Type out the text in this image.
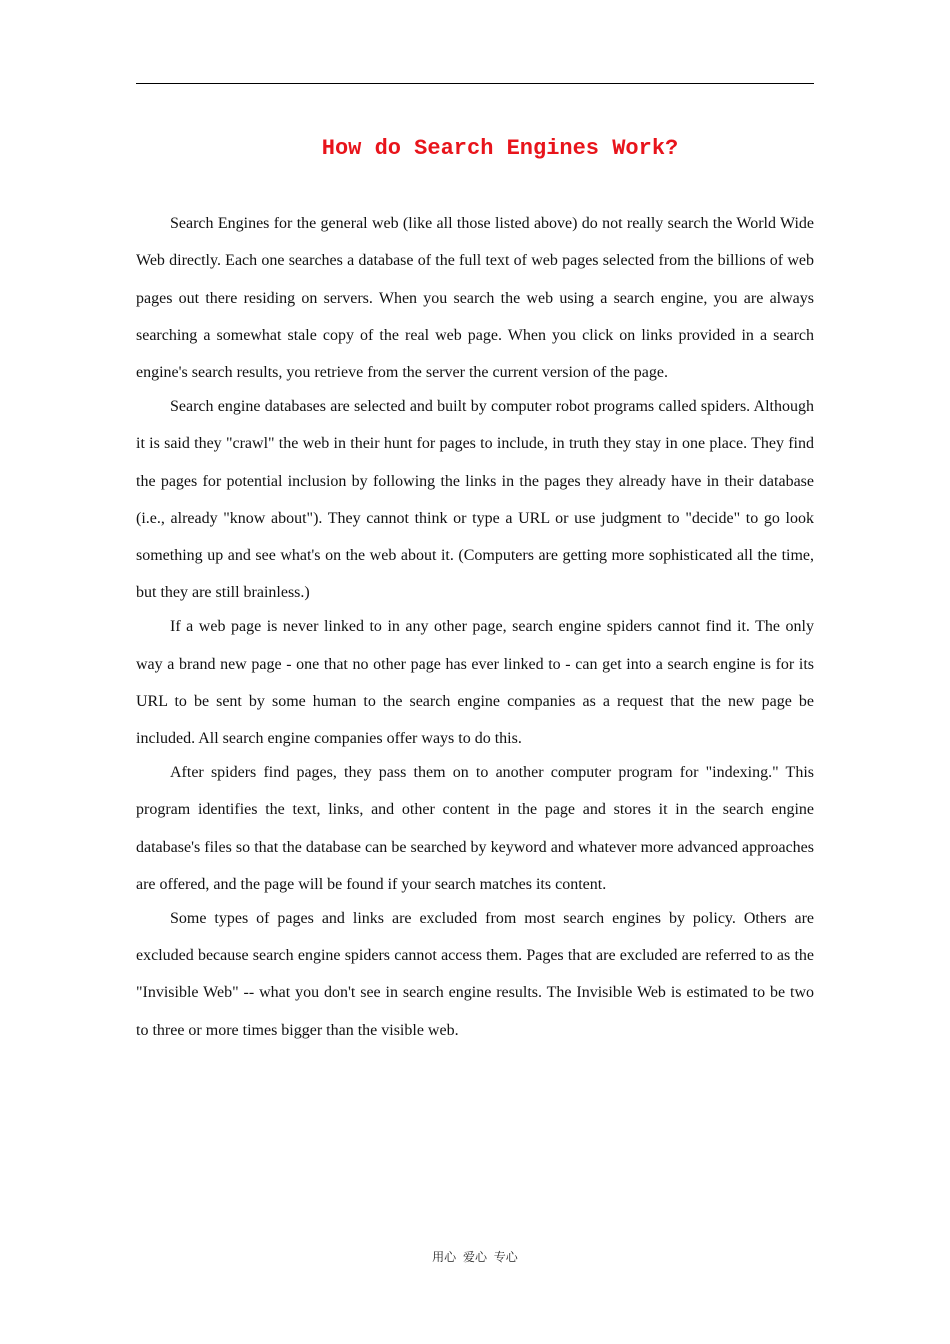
How do Search Engines Work?

Search Engines for the general web (like all those listed above) do not really search the World Wide Web directly. Each one searches a database of the full text of web pages selected from the billions of web pages out there residing on servers. When you search the web using a search engine, you are always searching a somewhat stale copy of the real web page. When you click on links provided in a search engine's search results, you retrieve from the server the current version of the page.

Search engine databases are selected and built by computer robot programs called spiders. Although it is said they "crawl" the web in their hunt for pages to include, in truth they stay in one place. They find the pages for potential inclusion by following the links in the pages they already have in their database (i.e., already "know about"). They cannot think or type a URL or use judgment to "decide" to go look something up and see what's on the web about it. (Computers are getting more sophisticated all the time, but they are still brainless.)

If a web page is never linked to in any other page, search engine spiders cannot find it. The only way a brand new page - one that no other page has ever linked to - can get into a search engine is for its URL to be sent by some human to the search engine companies as a request that the new page be included. All search engine companies offer ways to do this.

After spiders find pages, they pass them on to another computer program for "indexing." This program identifies the text, links, and other content in the page and stores it in the search engine database's files so that the database can be searched by keyword and whatever more advanced approaches are offered, and the page will be found if your search matches its content.

Some types of pages and links are excluded from most search engines by policy. Others are excluded because search engine spiders cannot access them. Pages that are excluded are referred to as the "Invisible Web" -- what you don't see in search engine results. The Invisible Web is estimated to be two to three or more times bigger than the visible web.

用心 爱心 专心
